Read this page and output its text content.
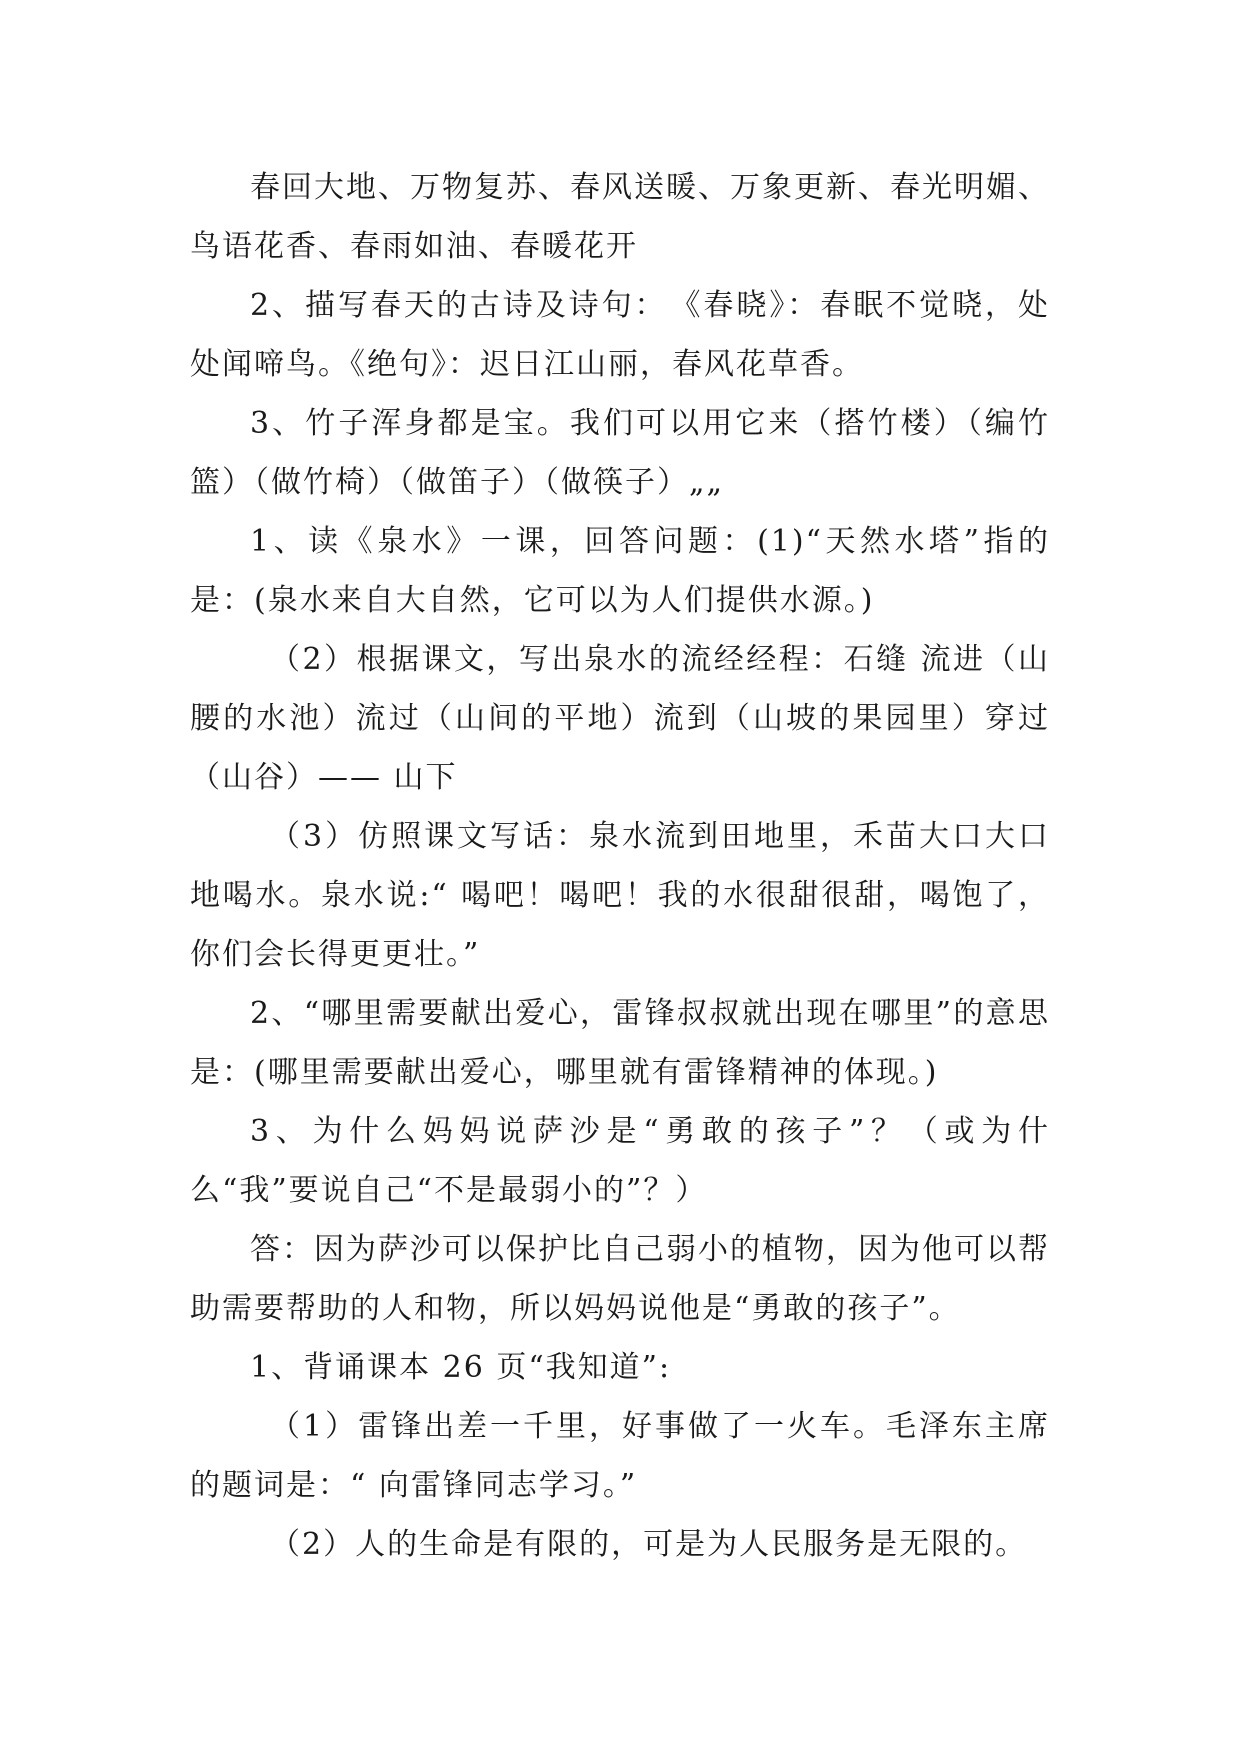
春回大地、万物复苏、春风送暖、万象更新、春光明媚、鸟语花香、春雨如油、春暖花开

2、描写春天的古诗及诗句：　《春晓》：春眠不觉晓，处处闻啼鸟。《绝句》：迟日江山丽，春风花草香。

3、竹子浑身都是宝。我们可以用它来（搭竹楼）（编竹篮）（做竹椅）（做笛子）（做筷子）„„

1、读《泉水》一课，回答问题：(1)“天然水塔”指的是：(泉水来自大自然，它可以为人们提供水源。)

（2）根据课文，写出泉水的流经经程：石缝 流进（山腰的水池）流过（山间的平地）流到（山坡的果园里）穿过（山谷）—— 山下

（3）仿照课文写话：泉水流到田地里，禾苗大口大口地喝水。泉水说:“ 喝吧！喝吧！我的水很甜很甜，喝饱了，你们会长得更更壮。”

2、“哪里需要献出爱心，雷锋叔叔就出现在哪里”的意思是：(哪里需要献出爱心，哪里就有雷锋精神的体现。)

3、为什么妈妈说萨沙是“勇敢的孩子”？（或为什么“我”要说自己“不是最弱小的”？）

答：因为萨沙可以保护比自己弱小的植物，因为他可以帮助需要帮助的人和物，所以妈妈说他是“勇敢的孩子”。

1、背诵课本 26 页“我知道”:

（1）雷锋出差一千里，好事做了一火车。毛泽东主席的题词是：“ 向雷锋同志学习。”

（2）人的生命是有限的，可是为人民服务是无限的。
